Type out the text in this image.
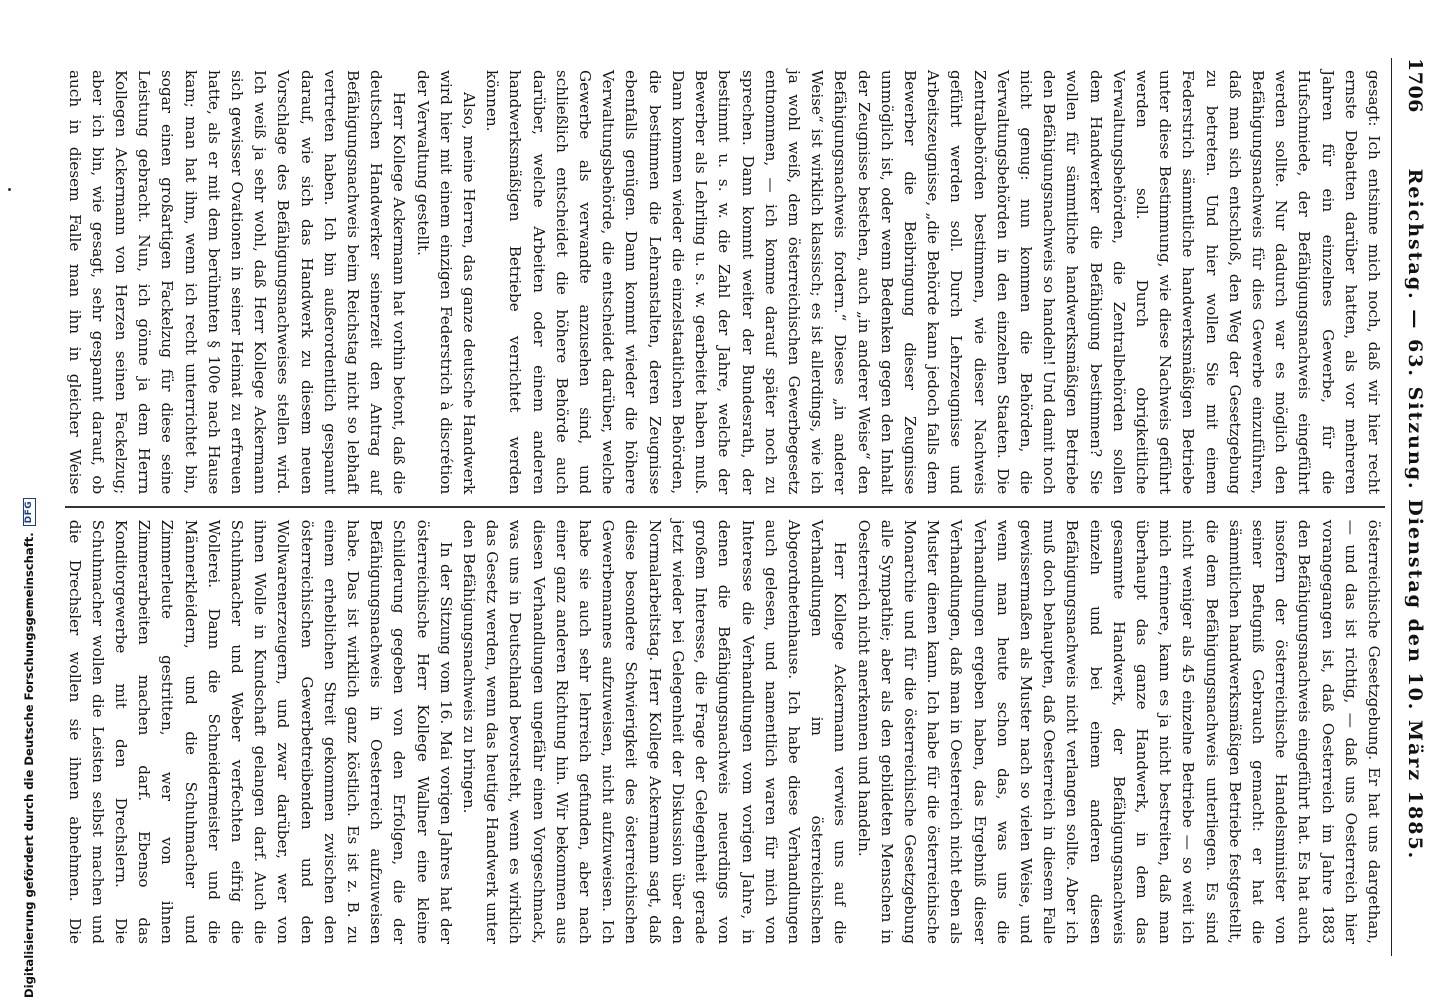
1706
Reichstag. — 63. Sitzung. Dienstag den 10. März 1885.

gesagt: Ich entsinne mich noch, daß wir hier recht ernste Debatten darüber hatten, als vor mehreren Jahren für ein einzelnes Gewerbe, für die Hufschmiede, der Befähigungsnachweis eingeführt werden sollte. Nur dadurch war es möglich den Befähigungsnachweis für dies Gewerbe einzuführen, daß man sich entschloß, den Weg der Gesetzgebung zu betreten. Und hier wollen Sie mit einem Federstrich sämmtliche handwerksmäßigen Betriebe unter diese Bestimmung, wie diese Nachweis geführt werden soll. Durch obrigkeitliche Verwaltungsbehörden, die Zentralbehörden sollen dem Handwerker die Befähigung bestimmen? Sie wollen für sämmtliche handwerksmäßigen Betriebe den Befähigungsnachweis so handeln! Und damit noch nicht genug: nun kommen die Behörden, die Verwaltungsbehörden in den einzelnen Staaten. Die Zentralbehörden bestimmen, wie dieser Nachweis geführt werden soll. Durch Lehrzeugnisse und Arbeitszeugnisse, „die Behörde kann jedoch falls dem Bewerber die Beibringung dieser Zeugnisse unmöglich ist, oder wenn Bedenken gegen den Inhalt der Zeugnisse bestehen, auch „in anderer Weise“ den Befähigungsnachweis fordern.“ Dieses „in anderer Weise“ ist wirklich klassisch; es ist allerdings, wie ich ja wohl weiß, dem österreichischen Gewerbegesetz entnommen, — ich komme darauf später noch zu sprechen. Dann kommt weiter der Bundesrath, der bestimmt u. s. w. die Zahl der Jahre, welche der Bewerber als Lehrling u. s. w. gearbeitet haben muß. Dann kommen wieder die einzelstaatlichen Behörden, die bestimmen die Lehranstalten, deren Zeugnisse ebenfalls genügen. Dann kommt wieder die höhere Verwaltungsbehörde, die entscheidet darüber, welche Gewerbe als verwandte anzusehen sind, und schließlich entscheidet die höhere Behörde auch darüber, welche Arbeiten oder einem anderen handwerksmäßigen Betriebe verrichtet werden können.

Also, meine Herren, das ganze deutsche Handwerk wird hier mit einem einzigen Federstrich à discrétion der Verwaltung gestellt.

Herr Kollege Ackermann hat vorhin betont, daß die deutschen Handwerker seinerzeit den Antrag auf Befähigungsnachweis beim Reichstag nicht so lebhaft vertreten haben. Ich bin außerordentlich gespannt darauf, wie sich das Handwerk zu diesem neuen Vorschlage des Befähigungsnachweises stellen wird. Ich weiß ja sehr wohl, daß Herr Kollege Ackermann sich gewisser Ovationen in seiner Heimat zu erfreuen hatte, als er mit dem berühmten § 100e nach Hause kam; man hat ihm, wenn ich recht unterrichtet bin, sogar einen großartigen Fackelzug für diese seine Leistung gebracht. Nun, ich gönne ja dem Herrn Kollegen Ackermann von Herzen seinen Fackelzug; aber ich bin, wie gesagt, sehr gespannt darauf, ob auch in diesem Falle man ihn in gleicher Weise

österreichische Gesetzgebung. Er hat uns dargethan, — und das ist richtig, — daß uns Oesterreich hier vorangegangen ist, daß Oesterreich im Jahre 1883 den Befähigungsnachweis eingeführt hat. Es hat auch insofern der österreichische Handelsminister von seiner Befugniß Gebrauch gemacht: er hat die sämmtlichen handwerksmäßigen Betriebe festgestellt, die dem Befähigungsnachweis unterliegen. Es sind nicht weniger als 45 einzelne Betriebe — so weit ich mich erinnere, kann es ja nicht bestreiten, daß man überhaupt das ganze Handwerk, in dem das gesammte Handwerk, der Befähigungsnachweis einzeln und bei einem anderen diesen Befähigungsnachweis nicht verlangen sollte. Aber ich muß doch behaupten, daß Oesterreich in diesem Falle gewissermaßen als Muster nach so vielen Weise, und wenn man heute schon das, was uns die Verhandlungen ergeben haben, das Ergebniß dieser Verhandlungen, daß man in Oesterreich nicht eben als Muster dienen kann. Ich habe für die österreichische Monarchie und für die österreichische Gesetzgebung alle Sympathie; aber als den gebildeten Menschen in Oesterreich nicht anerkennen und handeln.

Herr Kollege Ackermann verwies uns auf die Verhandlungen im österreichischen Abgeordnetenhause. Ich habe diese Verhandlungen auch gelesen, und namentlich waren für mich von Interesse die Verhandlungen vom vorigen Jahre, in denen die Befähigungsnachweis neuerdings von großem Interesse, die Frage der Gelegenheit gerade jetzt wieder bei Gelegenheit der Diskussion über den Normalarbeitstag. Herr Kollege Ackermann sagt, daß diese besondere Schwierigkeit des österreichischen Gewerbemannes aufzuweisen, nicht aufzuweisen. Ich habe sie auch sehr lehrreich gefunden, aber nach einer ganz anderen Richtung hin. Wir bekommen aus diesen Verhandlungen ungefähr einen Vorgeschmack, was uns in Deutschland bevorsteht, wenn es wirklich das Gesetz werden, wenn das heutige Handwerk unter den Befähigungsnachweis zu bringen.

In der Sitzung vom 16. Mai vorigen Jahres hat der österreichische Herr Kollege Wallner eine kleine Schilderung gegeben von den Erfolgen, die der Befähigungsnachweis in Oesterreich aufzuweisen habe. Das ist wirklich ganz köstlich. Es ist z. B. zu einem erheblichen Streit gekommen zwischen den österreichischen Gewerbetreibenden und den Wollwarenerzeugern, und zwar darüber, wer von ihnen Wolle in Kundschaft gelangen darf. Auch die Schuhmacher und Weber verfechten eifrig die Wollerei. Dann die Schneidermeister und die Männerkleidern, und die Schuhmacher und Zimmerleute gestritten, wer von ihnen Zimmerarbeiten machen darf. Ebenso das Konditorgewerbe mit den Drechslern. Die Schuhmacher wollen die Leisten selbst machen und die Drechsler wollen sie ihnen abnehmen. Die

Digitalisierung gefördert durch die Deutsche Forschungsgemeinschaft.
DFG
